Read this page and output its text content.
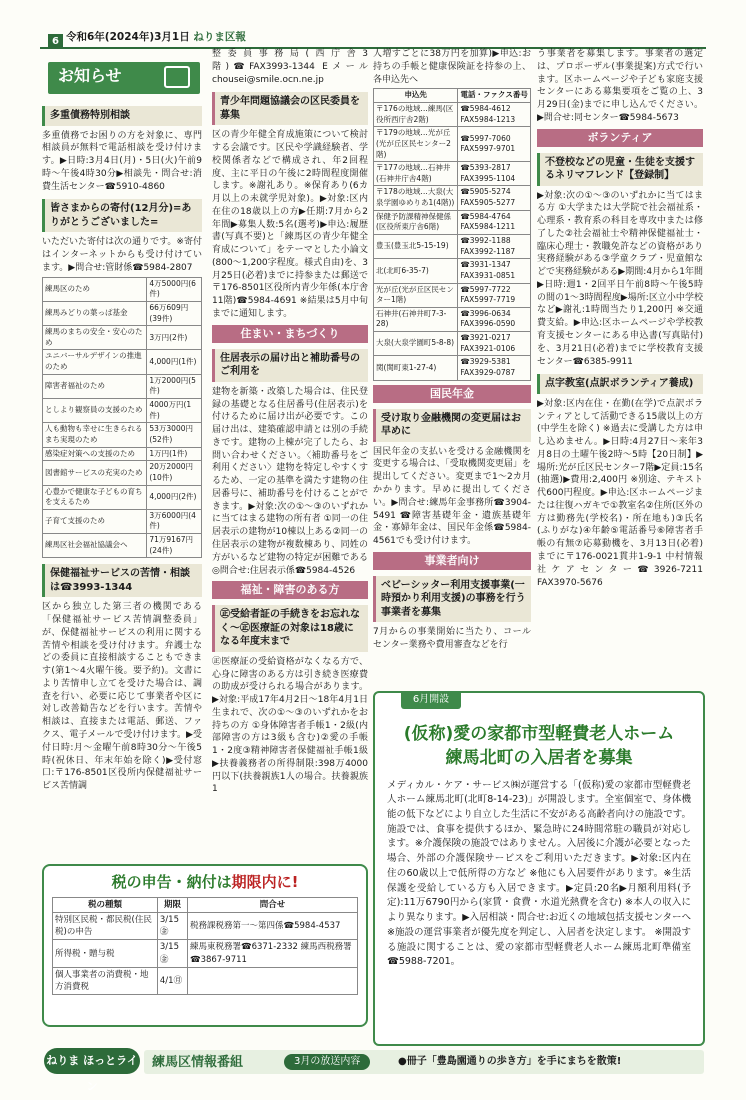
6 令和6年(2024年)3月1日 ねりま区報
お知らせ
多重債務特別相談

多重債務でお困りの方を対象に、専門相談員が無料で電話相談を受け付けます。▶日時:3月4日(月)・5日(火)午前9時〜午後4時30分▶相談先・問合せ:消費生活センター☎5910-4860

皆さまからの寄付(12月分)=ありがとうございました=

いただいた寄付は次の通りです。※寄付はインターネットからも受け付けています。▶問合せ:管財係☎5984-2807

練馬区のため	4万5000円(6件)
練馬みどりの葉っぱ基金	66万609円(39件)
練馬のまちの安全・安心のため	3万円(2件)
ユニバーサルデザインの推進のため	4,000円(1件)
障害者福祉のため	1万2000円(5件)
としより観察員の支援のため	4000万円(1件)
人も動物も幸せに生きられるまち実現のため	53万3000円(52件)
感染症対策への支援のため	1万円(1件)
図書館サービスの充実のため	20万2000円(10件)
心豊かで健康な子どもの育ちを支えるため	4,000円(2件)
子育て支援のため	3万6000円(4件)
練馬区社会福祉協議会へ	71万9167円(24件)
保健福祉サービスの苦情・相談は☎3993-1344

区から独立した第三者の機関である「保健福祉サービス苦情調整委員」が、保健福祉サービスの利用に関する苦情や相談を受け付けます。弁護士などの委員に直接相談することもできます(第1〜4火曜午後。要予約)。文書により苦情申し立てを受けた場合は、調査を行い、必要に応じて事業者や区に対し改善勧告などを行います。苦情や相談は、直接または電話、郵送、ファクス、電子メールで受け付けます。▶受付日時:月〜金曜午前8時30分〜午後5時(祝休日、年末年始を除く)▶受付窓口:〒176-8501区役所内保健福祉サービス苦情調

整委員事務局(西庁舎3階)☎FAX3993-1344 Eメール chousei@smile.ocn.ne.jp

青少年問題協議会の区民委員を募集

区の青少年健全育成施策について検討する会議です。区民や学識経験者、学校関係者などで構成され、年2回程度、主に平日の午後に2時間程度開催します。※謝礼あり。※保育あり(6カ月以上の未就学児対象)。▶対象:区内在住の18歳以上の方▶任期:7月から2年間▶募集人数:5名(選考)▶申込:履歴書(写真不要)と「練馬区の青少年健全育成について」をテーマとした小論文(800〜1,200字程度。様式自由)を、3月25日(必着)までに持参または郵送で〒176-8501区役所内青少年係(本庁舎11階)☎5984-4691 ※結果は5月中旬までに通知します。

住まい・まちづくり
住居表示の届け出と補助番号のご利用を

建物を新築・改築した場合は、住民登録の基礎となる住居番号(住居表示)を付けるために届け出が必要です。この届け出は、建築確認申請とは別の手続きです。建物の上棟が完了したら、お問い合わせください。〈補助番号をご利用ください〉建物を特定しやすくするため、一定の基準を満たす建物の住居番号に、補助番号を付けることができます。▶対象:次の①〜③のいずれかに当てはまる建物の所有者 ①同一の住居表示の建物が10棟以上ある②同一の住居表示の建物が複数棟あり、同姓の方がいるなど建物の特定が困難である ◎問合せ:住居表示係☎5984-4526

福祉・障害のある方
㊣受給者証の手続きをお忘れなく〜㊣医療証の対象は18歳になる年度末まで

㊣医療証の受給資格がなくなる方で、心身に障害のある方は引き続き医療費の助成が受けられる場合があります。▶対象:平成17年4月2日〜18年4月1日生まれで、次の①〜③のいずれかをお持ちの方 ①身体障害者手帳1・2級(内部障害の方は3級も含む)②愛の手帳1・2度③精神障害者保健福祉手帳1級▶扶養義務者の所得制限:398万4000円以下(扶養親族1人の場合。扶養親族1

人増すごとに38万円を加算)▶申込:お持ちの手帳と健康保険証を持参の上、各申込先へ

申込先	電話・ファクス番号
〒176の地域…練馬(区役所西庁舎2階)	☎5984-4612 FAX5984-1213
〒179の地域…光が丘(光が丘区民センター2階)	☎5997-7060 FAX5997-9701
〒177の地域…石神井(石神井庁舎4階)	☎5393-2817 FAX3995-1104
〒178の地域…大泉(大泉学園ゆめりあ1(4階))	☎5905-5274 FAX5905-5277
保健予防課精神保健係(区役所東庁舎6階)	☎5984-4764 FAX5984-1211
豊玉(豊玉北5-15-19)	☎3992-1188 FAX3992-1187
北(北町6-35-7)	☎3931-1347 FAX3931-0851
光が丘(光が丘区民センター1階)	☎5997-7722 FAX5997-7719
石神井(石神井町7-3-28)	☎3996-0634 FAX3996-0590
大泉(大泉学園町5-8-8)	☎3921-0217 FAX3921-0106
関(関町東1-27-4)	☎3929-5381 FAX3929-0787
国民年金
受け取り金融機関の変更届はお早めに

国民年金の支払いを受ける金融機関を変更する場合は、「受取機関変更届」を提出してください。変更まで1〜2カ月かかります。早めに提出してください。▶問合せ:練馬年金事務所☎3904-5491 ☎障害基礎年金・遺族基礎年金・寡婦年金は、国民年金係☎5984-4561でも受け付けます。

事業者向け
ベビーシッター利用支援事業(一時預かり利用支援)の事務を行う事業者を募集

7月からの事業開始に当たり、コールセンター業務や費用審査などを行

う事業者を募集します。事業者の選定は、プロポーザル(事業提案)方式で行います。区ホームページや子ども家庭支援センターにある募集要項をご覧の上、3月29日(金)までに申し込んでください。▶問合せ:同センター☎5984-5673

ボランティア
不登校などの児童・生徒を支援するネリマフレンド【登録制】

▶対象:次の①〜③のいずれかに当てはまる方 ①大学または大学院で社会福祉系・心理系・教育系の科目を専攻中または修了した②社会福祉士や精神保健福祉士・臨床心理士・教職免許などの資格があり実務経験がある③学童クラブ・児童館などで実務経験がある▶期間:4月から1年間▶日時:週1・2回平日午前8時〜午後5時の間の1〜3時間程度▶場所:区立小中学校など▶謝礼:1時間当たり1,200円 ※交通費支給。▶申込:区ホームページや学校教育支援センターにある申込書(写真貼付)を、3月21日(必着)までに学校教育支援センター☎6385-9911

点字教室(点訳ボランティア養成)

▶対象:区内在住・在勤(在学)で点訳ボランティアとして活動できる15歳以上の方(中学生を除く) ※過去に受講した方は申し込めません。▶日時:4月27日〜来年3月8日の土曜午後2時〜5時【20日制】▶場所:光が丘区民センター7階▶定員:15名(抽選)▶費用:2,400円 ※別途、テキスト代600円程度。▶申込:区ホームページまたは往復ハガキで①教室名②住所(区外の方は勤務先(学校名)・所在地も)③氏名(ふりがな)④年齢⑤電話番号⑥障害者手帳の有無⑦応募動機を、3月13日(必着)までに〒176-0021貫井1-9-1 中村情報社ケアセンター☎3926-7211 FAX3970-5676

6月開設
(仮称)愛の家都市型軽費老人ホーム
練馬北町の入居者を募集

メディカル・ケア・サービス㈱が運営する「(仮称)愛の家都市型軽費老人ホーム練馬北町(北町8-14-23)」が開設します。全室個室で、身体機能の低下などにより自立した生活に不安がある高齢者向けの施設です。施設では、食事を提供するほか、緊急時に24時間常駐の職員が対応します。※介護保険の施設ではありません。入居後に介護が必要となった場合、外部の介護保険サービスをご利用いただきます。▶対象:区内在住の60歳以上で低所得の方など ※他にも入居要件があります。※生活保護を受給している方も入居できます。▶定員:20名▶月額利用料(予定):11万6790円から(家賃・食費・水道光熱費を含む) ※本人の収入により異なります。▶入居相談・問合せ:お近くの地域包括支援センターへ ※施設の運営事業者が優先度を判定し、入居者を決定します。 ※開設する施設に関することは、愛の家都市型軽費老人ホーム練馬北町準備室☎5988-7201。

税の申告・納付は期限内に!
税の種類	期限	問合せ
特別区民税・都民税(住民税)の申告	3/15㊎	税務課税務第一〜第四係☎5984-4537
所得税・贈与税	3/15㊎	練馬東税務署☎6371-2332 練馬西税務署☎3867-9711
個人事業者の消費税・地方消費税	4/1㊊	
ねりま ほっとライン
練馬区情報番組	3月の放送内容	●冊子「豊島園通りの歩き方」を手にまちを散策!
